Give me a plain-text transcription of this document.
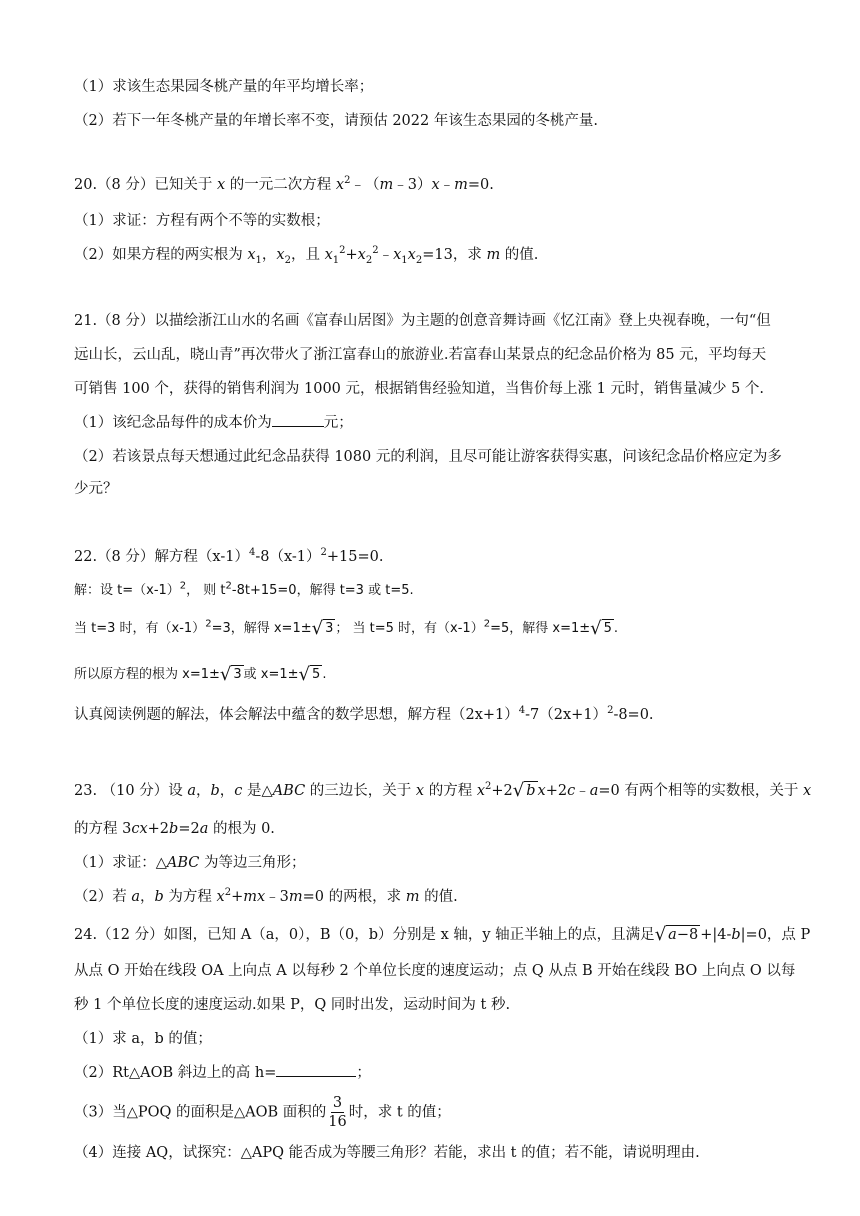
（1）求该生态果园冬桃产量的年平均增长率；
（2）若下一年冬桃产量的年增长率不变，请预估 2022 年该生态果园的冬桃产量.
20.（8 分）已知关于 x 的一元二次方程 $x^2﹣(m﹣3)x﹣m=0$.
（1）求证：方程有两个不等的实数根；
（2）如果方程的两实根为 $x_1$，$x_2$，且 $x_1^2+x_2^2﹣x_1x_2=13$，求 m 的值.
21.（8 分）以描绘浙江山水的名画《富春山居图》为主题的创意音舞诗画《忆江南》登上央视春晚，一句“但
远山长，云山乱，晓山青”再次带火了浙江富春山的旅游业.若富春山某景点的纪念品价格为 85 元，平均每天
可销售 100 个，获得的销售利润为 1000 元，根据销售经验知道，当售价每上涨 1 元时，销售量减少 5 个.
（1）该纪念品每件的成本价为	元；
（2）若该景点每天想通过此纪念品获得 1080 元的利润，且尽可能让游客获得实惠，问该纪念品价格应定为多
少元？
22.（8 分）解方程$(x-1)^4-8(x-1)^2+15=0$.
解：设 $t=(x-1)^2$， 则 $t^2-8t+15=0$，解得 t=3 或 t=5.
当 t=3 时，有$(x-1)^2=3$，解得 x=1± √ 3 ； 当 t=5 时，有$(x-1)^2=5$，解得 x=1± √ 5 .
所以原方程的根为 x=1± √ 3 或 x=1± √ 5 .
认真阅读例题的解法，体会解法中蕴含的数学思想，解方程$(2x+1)^4-7(2x+1)^2-8=0$.
23. （10 分）设 a，b，c 是△ABC 的三边长，关于 x 的方程 $x^2+2$ √ b x+2c﹣a=0 有两个相等的实数根，关于 x
的方程 3cx+2b=2a 的根为 0.
（1）求证：△ABC 为等边三角形；
（2）若 a，b 为方程 $x^2+mx﹣3m=0$ 的两根，求 m 的值.
24.（12 分）如图，已知 A（a，0），B（0，b）分别是 x 轴，y 轴正半轴上的点，且满足 √ a−8 +|4-b|=0，点 P
从点 O 开始在线段 OA 上向点 A 以每秒 2 个单位长度的速度运动；点 Q 从点 B 开始在线段 BO 上向点 O 以每
秒 1 个单位长度的速度运动.如果 P，Q 同时出发，运动时间为 t 秒.
（1）求 a，b 的值；
（2）Rt△AOB 斜边上的高 h=	；
（3）当△POQ 的面积是△AOB 面积的 $\frac{3}{16}$ 时，求 t 的值；
（4）连接 AQ，试探究：△APQ 能否成为等腰三角形？若能，求出 t 的值；若不能，请说明理由.
